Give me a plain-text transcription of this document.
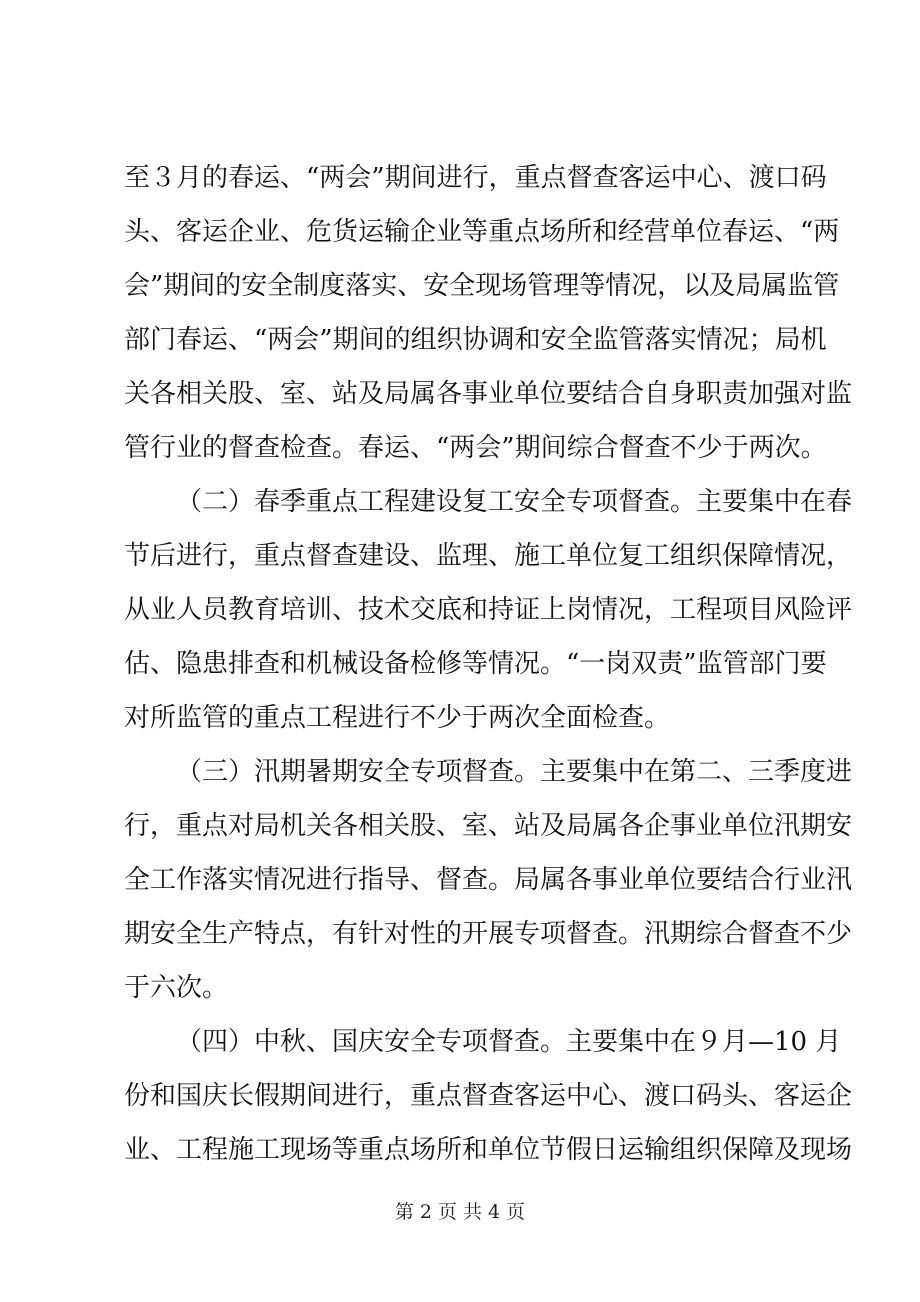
至３月的春运、“两会”期间进行，重点督查客运中心、渡口码
头、客运企业、危货运输企业等重点场所和经营单位春运、“两
会”期间的安全制度落实、安全现场管理等情况，以及局属监管
部门春运、“两会”期间的组织协调和安全监管落实情况；局机
关各相关股、室、站及局属各事业单位要结合自身职责加强对监
管行业的督查检查。春运、“两会”期间综合督查不少于两次。
（二）春季重点工程建设复工安全专项督查。主要集中在春
节后进行，重点督查建设、监理、施工单位复工组织保障情况，
从业人员教育培训、技术交底和持证上岗情况，工程项目风险评
估、隐患排查和机械设备检修等情况。“一岗双责”监管部门要
对所监管的重点工程进行不少于两次全面检查。
（三）汛期暑期安全专项督查。主要集中在第二、三季度进
行，重点对局机关各相关股、室、站及局属各企事业单位汛期安
全工作落实情况进行指导、督查。局属各事业单位要结合行业汛
期安全生产特点，有针对性的开展专项督查。汛期综合督查不少
于六次。
（四）中秋、国庆安全专项督查。主要集中在９月—10 月
份和国庆长假期间进行，重点督查客运中心、渡口码头、客运企
业、工程施工现场等重点场所和单位节假日运输组织保障及现场
第 2 页 共 4 页
